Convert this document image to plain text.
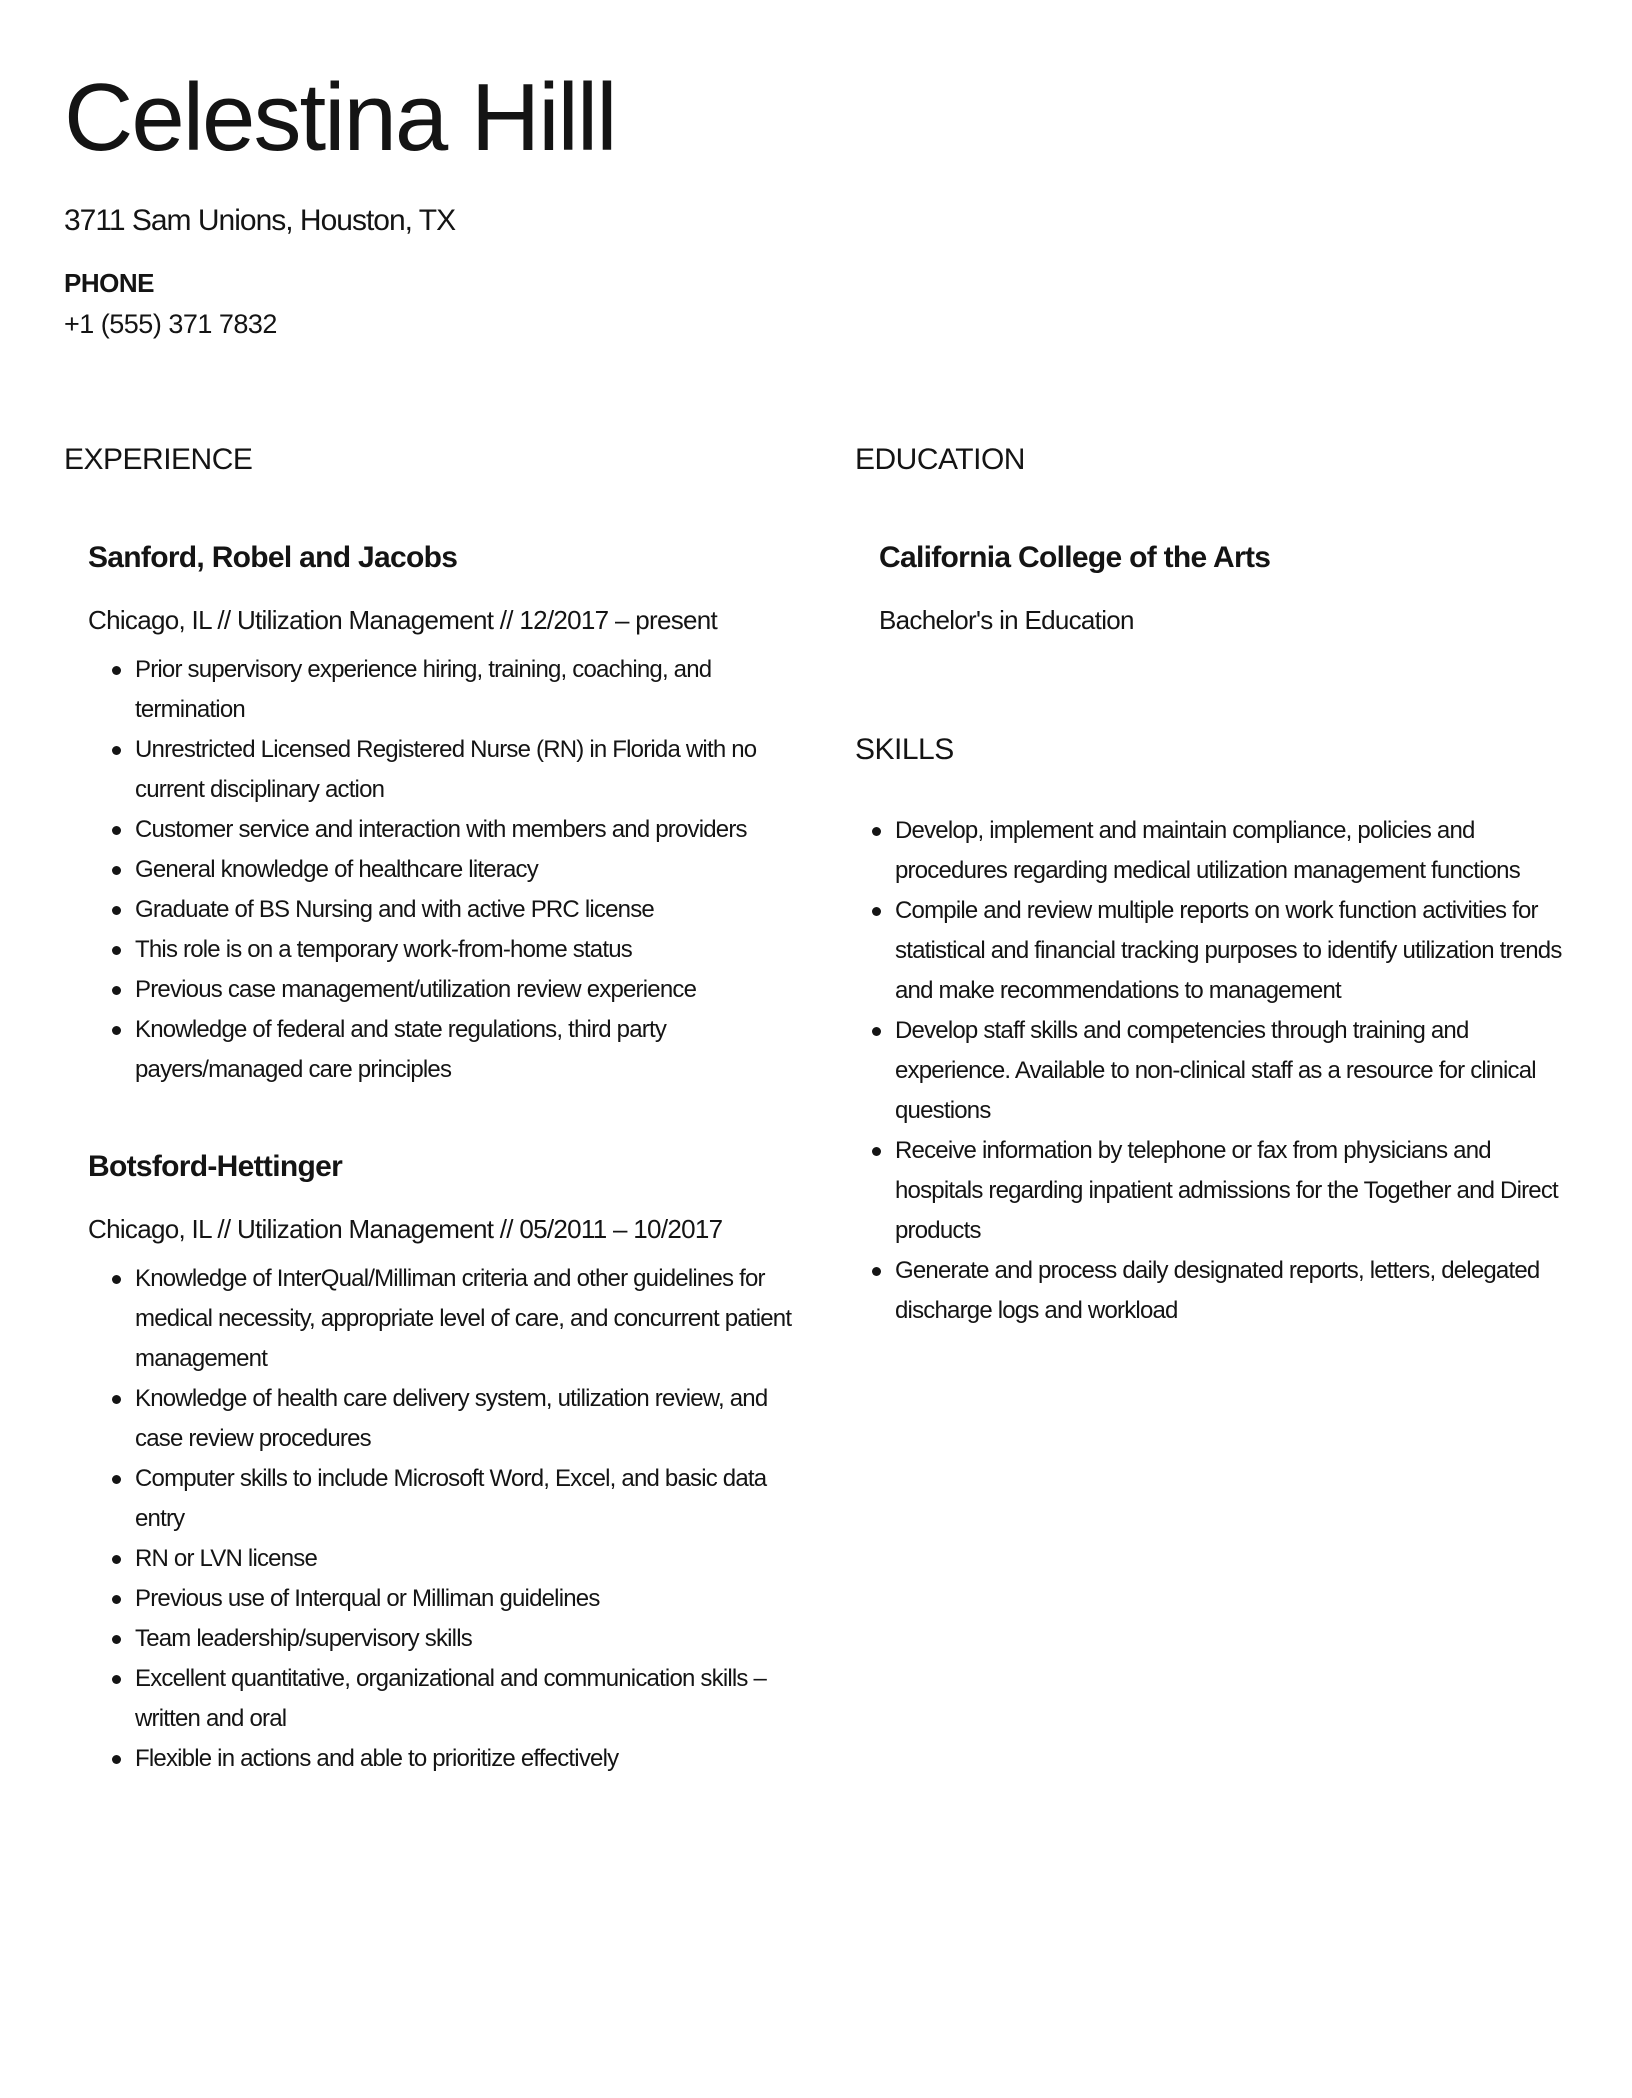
Celestina Hilll
3711 Sam Unions, Houston, TX
PHONE
+1 (555) 371 7832
EXPERIENCE
Sanford, Robel and Jacobs
Chicago, IL // Utilization Management // 12/2017 – present
Prior supervisory experience hiring, training, coaching, and termination
Unrestricted Licensed Registered Nurse (RN) in Florida with no current disciplinary action
Customer service and interaction with members and providers
General knowledge of healthcare literacy
Graduate of BS Nursing and with active PRC license
This role is on a temporary work-from-home status
Previous case management/utilization review experience
Knowledge of federal and state regulations, third party payers/managed care principles
Botsford-Hettinger
Chicago, IL // Utilization Management // 05/2011 – 10/2017
Knowledge of InterQual/Milliman criteria and other guidelines for medical necessity, appropriate level of care, and concurrent patient management
Knowledge of health care delivery system, utilization review, and case review procedures
Computer skills to include Microsoft Word, Excel, and basic data entry
RN or LVN license
Previous use of Interqual or Milliman guidelines
Team leadership/supervisory skills
Excellent quantitative, organizational and communication skills – written and oral
Flexible in actions and able to prioritize effectively
EDUCATION
California College of the Arts
Bachelor's in Education
SKILLS
Develop, implement and maintain compliance, policies and procedures regarding medical utilization management functions
Compile and review multiple reports on work function activities for statistical and financial tracking purposes to identify utilization trends and make recommendations to management
Develop staff skills and competencies through training and experience. Available to non-clinical staff as a resource for clinical questions
Receive information by telephone or fax from physicians and hospitals regarding inpatient admissions for the Together and Direct products
Generate and process daily designated reports, letters, delegated discharge logs and workload
